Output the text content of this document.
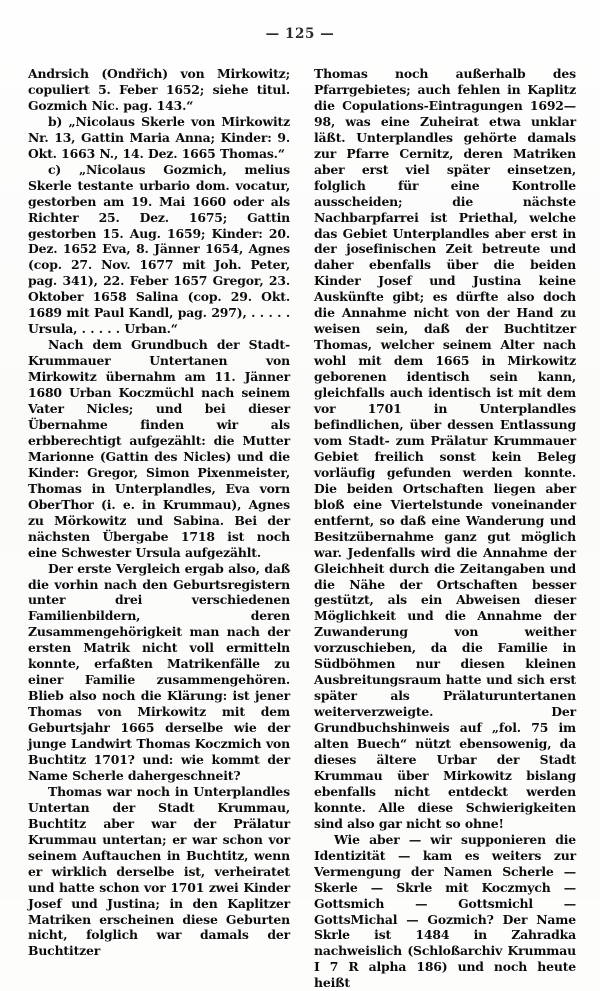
— 125 —

Andrsich (Ondřich) von Mirkowitz; copuliert 5. Feber 1652; siehe titul. Gozmich Nic. pag. 143.“

b) „Nicolaus Skerle von Mirkowitz Nr. 13, Gattin Maria Anna; Kinder: 9. Okt. 1663 N., 14. Dez. 1665 Thomas.“

c) „Nicolaus Gozmich, melius Skerle testante urbario dom. vocatur, gestorben am 19. Mai 1660 oder als Richter 25. Dez. 1675; Gattin gestorben 15. Aug. 1659; Kinder: 20. Dez. 1652 Eva, 8. Jänner 1654, Agnes (cop. 27. Nov. 1677 mit Joh. Peter, pag. 341), 22. Feber 1657 Gregor, 23. Oktober 1658 Salina (cop. 29. Okt. 1689 mit Paul Kandl, pag. 297), . . . . . Ursula, . . . . . Urban.“

Nach dem Grundbuch der Stadt-Krummauer Untertanen von Mirkowitz übernahm am 11. Jänner 1680 Urban Koczmüchl nach seinem Vater Nicles; und bei dieser Übernahme finden wir als erbberechtigt aufgezählt: die Mutter Marionne (Gattin des Nicles) und die Kinder: Gregor, Simon Pixenmeister, Thomas in Unterplandles, Eva vorn OberThor (i. e. in Krummau), Agnes zu Mörkowitz und Sabina. Bei der nächsten Übergabe 1718 ist noch eine Schwester Ursula aufgezählt.

Der erste Vergleich ergab also, daß die vorhin nach den Geburtsregistern unter drei verschiedenen Familienbildern, deren Zusammengehörigkeit man nach der ersten Matrik nicht voll ermitteln konnte, erfaßten Matrikenfälle zu einer Familie zusammengehören. Blieb also noch die Klärung: ist jener Thomas von Mirkowitz mit dem Geburtsjahr 1665 derselbe wie der junge Landwirt Thomas Koczmich von Buchtitz 1701? und: wie kommt der Name Scherle dahergeschneit?

Thomas war noch in Unterplandles Untertan der Stadt Krummau, Buchtitz aber war der Prälatur Krummau untertan; er war schon vor seinem Auftauchen in Buchtitz, wenn er wirklich derselbe ist, verheiratet und hatte schon vor 1701 zwei Kinder Josef und Justina; in den Kaplitzer Matriken erscheinen diese Geburten nicht, folglich war damals der Buchtitzer

Thomas noch außerhalb des Pfarrgebietes; auch fehlen in Kaplitz die Copulations-Eintragungen 1692—98, was eine Zuheirat etwa unklar läßt. Unterplandles gehörte damals zur Pfarre Cernitz, deren Matriken aber erst viel später einsetzen, folglich für eine Kontrolle ausscheiden; die nächste Nachbarpfarrei ist Priethal, welche das Gebiet Unterplandles aber erst in der josefinischen Zeit betreute und daher ebenfalls über die beiden Kinder Josef und Justina keine Auskünfte gibt; es dürfte also doch die Annahme nicht von der Hand zu weisen sein, daß der Buchtitzer Thomas, welcher seinem Alter nach wohl mit dem 1665 in Mirkowitz geborenen identisch sein kann, gleichfalls auch identisch ist mit dem vor 1701 in Unterplandles befindlichen, über dessen Entlassung vom Stadt- zum Prälatur Krummauer Gebiet freilich sonst kein Beleg vorläufig gefunden werden konnte. Die beiden Ortschaften liegen aber bloß eine Viertelstunde voneinander entfernt, so daß eine Wanderung und Besitzübernahme ganz gut möglich war. Jedenfalls wird die Annahme der Gleichheit durch die Zeitangaben und die Nähe der Ortschaften besser gestützt, als ein Abweisen dieser Möglichkeit und die Annahme der Zuwanderung von weither vorzuschieben, da die Familie in Südböhmen nur diesen kleinen Ausbreitungsraum hatte und sich erst später als Prälaturuntertanen weiterverzweigte. Der Grundbuchshinweis auf „fol. 75 im alten Buech“ nützt ebensowenig, da dieses ältere Urbar der Stadt Krummau über Mirkowitz bislang ebenfalls nicht entdeckt werden konnte. Alle diese Schwierigkeiten sind also gar nicht so ohne!

Wie aber — wir supponieren die Identizität — kam es weiters zur Vermengung der Namen Scherle — Skerle — Skrle mit Koczmych — Gottsmich — Gottsmichl — GottsMichal — Gozmich? Der Name Skrle ist 1484 in Zahradka nachweislich (Schloßarchiv Krummau I 7 R alpha 186) und noch heute heißt
